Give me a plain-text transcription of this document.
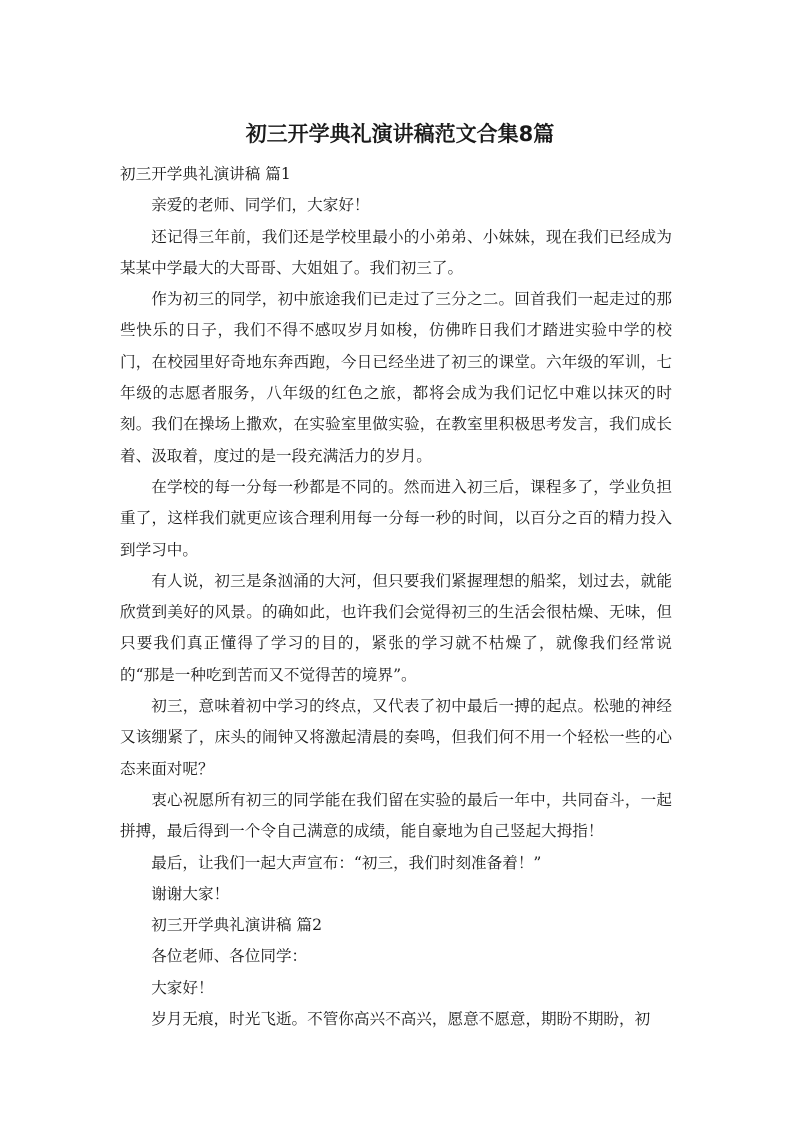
初三开学典礼演讲稿范文合集8篇

初三开学典礼演讲稿 篇1

亲爱的老师、同学们，大家好！

还记得三年前，我们还是学校里最小的小弟弟、小妹妹，现在我们已经成为某某中学最大的大哥哥、大姐姐了。我们初三了。

作为初三的同学，初中旅途我们已走过了三分之二。回首我们一起走过的那些快乐的日子，我们不得不感叹岁月如梭，仿佛昨日我们才踏进实验中学的校门，在校园里好奇地东奔西跑，今日已经坐进了初三的课堂。六年级的军训，七年级的志愿者服务，八年级的红色之旅，都将会成为我们记忆中难以抹灭的时刻。我们在操场上撒欢，在实验室里做实验，在教室里积极思考发言，我们成长着、汲取着，度过的是一段充满活力的岁月。

在学校的每一分每一秒都是不同的。然而进入初三后，课程多了，学业负担重了，这样我们就更应该合理利用每一分每一秒的时间，以百分之百的精力投入到学习中。

有人说，初三是条汹涌的大河，但只要我们紧握理想的船桨，划过去，就能欣赏到美好的风景。的确如此，也许我们会觉得初三的生活会很枯燥、无味，但只要我们真正懂得了学习的目的，紧张的学习就不枯燥了，就像我们经常说的“那是一种吃到苦而又不觉得苦的境界”。

初三，意味着初中学习的终点，又代表了初中最后一搏的起点。松驰的神经又该绷紧了，床头的闹钟又将激起清晨的奏鸣，但我们何不用一个轻松一些的心态来面对呢？

衷心祝愿所有初三的同学能在我们留在实验的最后一年中，共同奋斗，一起拼搏，最后得到一个令自己满意的成绩，能自豪地为自己竖起大拇指！

最后，让我们一起大声宣布：“初三，我们时刻准备着！”

谢谢大家！

初三开学典礼演讲稿 篇2

各位老师、各位同学：

大家好！

岁月无痕，时光飞逝。不管你高兴不高兴，愿意不愿意，期盼不期盼，初
